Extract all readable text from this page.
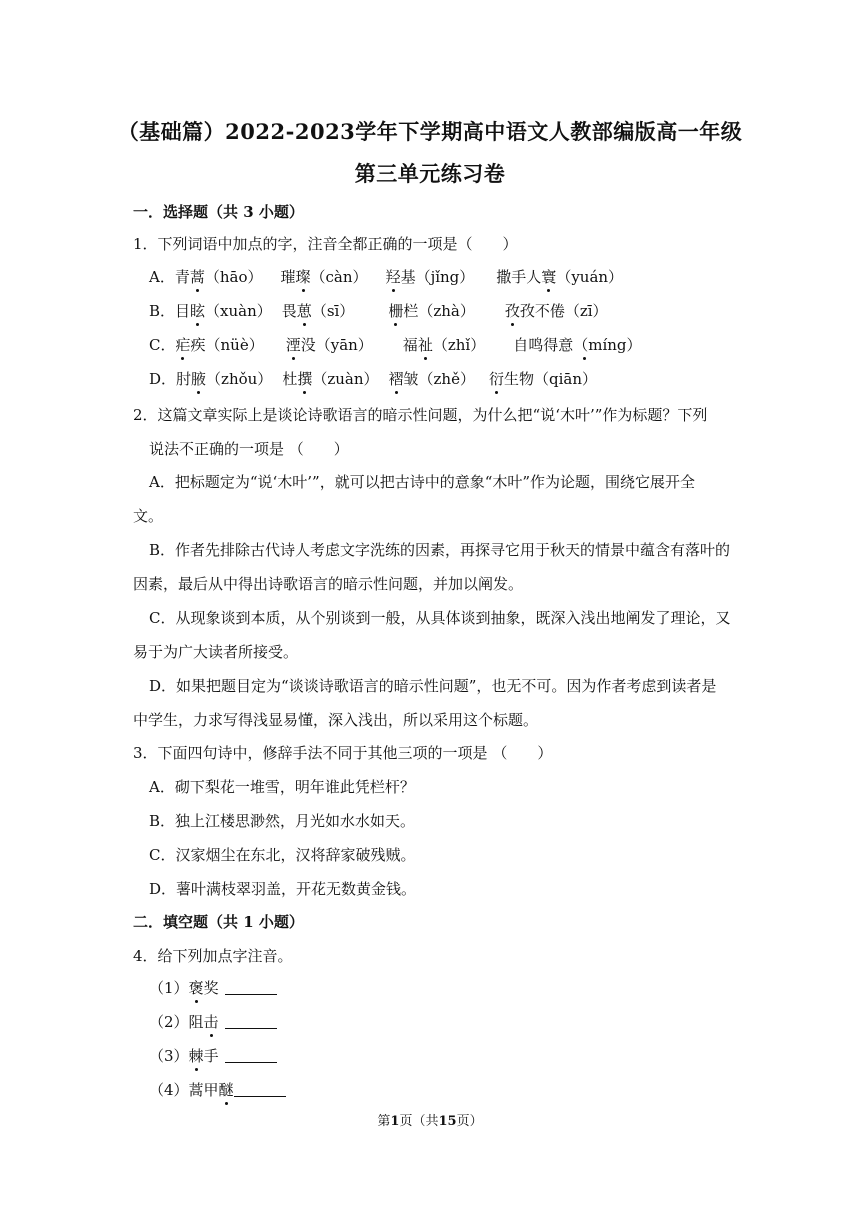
（基础篇）2022-2023学年下学期高中语文人教部编版高一年级
第三单元练习卷
一．选择题（共 3 小题）
1．下列词语中加点的字，注音全都正确的一项是（　　）
A．青蒿（hāo） 璀璨（càn） 羟基（jǐng） 撒手人寰（yuán）
B．目眩（xuàn） 畏葸（sī） 栅栏（zhà） 孜孜不倦（zī）
C．疟疾（nüè） 湮没（yān） 福祉（zhǐ） 自鸣得意（míng）
D．肘腋（zhǒu） 杜撰（zuàn） 褶皱（zhě） 衍生物（qiān）
2．这篇文章实际上是谈论诗歌语言的暗示性问题，为什么把“说‘木叶’”作为标题？下列
说法不正确的一项是 （　　）
A．把标题定为“说‘木叶’”，就可以把古诗中的意象“木叶”作为论题，围绕它展开全
文。
B．作者先排除古代诗人考虑文字洗练的因素，再探寻它用于秋天的情景中蕴含有落叶的
因素，最后从中得出诗歌语言的暗示性问题，并加以阐发。
C．从现象谈到本质，从个别谈到一般，从具体谈到抽象，既深入浅出地阐发了理论，又
易于为广大读者所接受。
D．如果把题目定为“谈谈诗歌语言的暗示性问题”，也无不可。因为作者考虑到读者是
中学生，力求写得浅显易懂，深入浅出，所以采用这个标题。
3．下面四句诗中，修辞手法不同于其他三项的一项是 （　　）
A．砌下梨花一堆雪，明年谁此凭栏杆？
B．独上江楼思渺然，月光如水水如天。
C．汉家烟尘在东北，汉将辞家破残贼。
D．薯叶满枝翠羽盖，开花无数黄金钱。
二．填空题（共 1 小题）
4．给下列加点字注音。
（1）褒奖
（2）阻击
（3）棘手
（4）蒿甲醚
第1页（共15页）
